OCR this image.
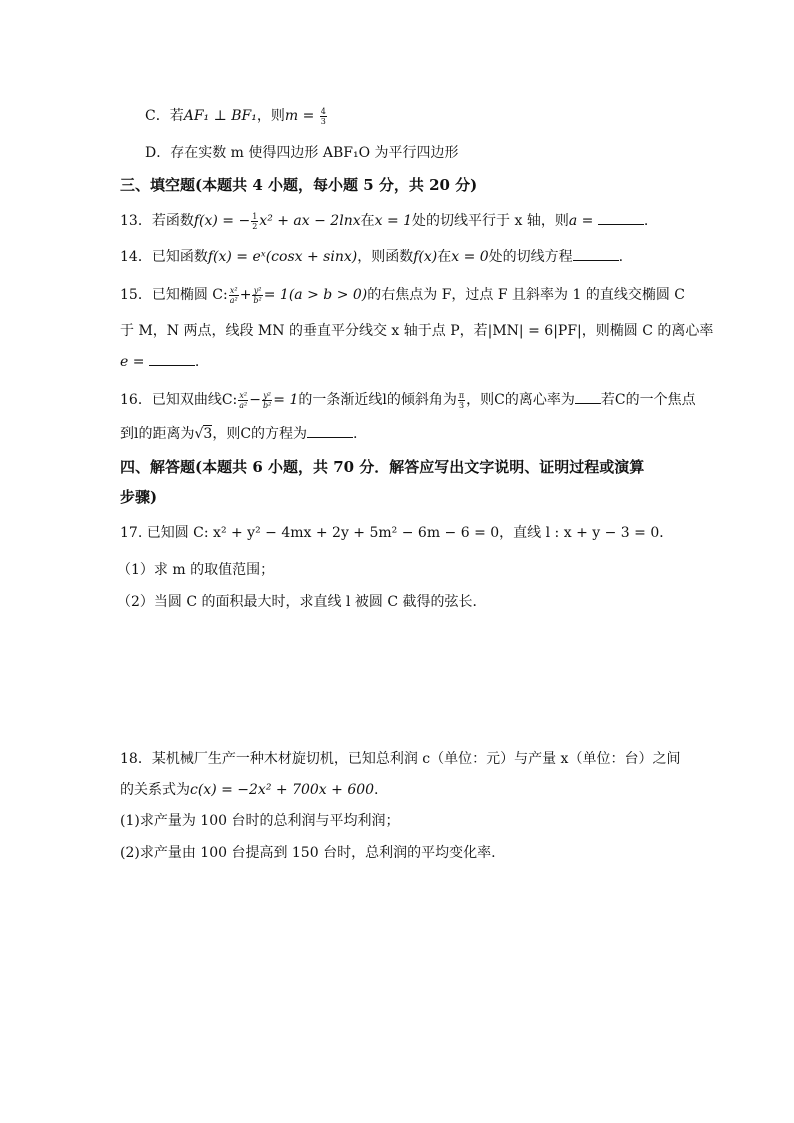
C．若AF₁ ⊥ BF₁，则$m = \frac{4}{3}$
D．存在实数 m 使得四边形 ABF₁O 为平行四边形
三、填空题(本题共 4 小题，每小题 5 分，共 20 分)
13．若函数f(x) = − $\frac{1}{2} x^2$ + ax − 2lnx在x = 1处的切线平行于 x 轴，则a =	.
14．已知函数f(x) = eˣ(cosx + sinx)，则函数f(x)在x = 0处的切线方程	.
15．已知椭圆 C: $\frac{\text{x²}}{\text{a²}} + \frac{\text{y²}}{\text{b²}} = 1(a > b > 0)$的右焦点为 F，过点 F 且斜率为 1 的直线交椭圆 C
于 M，N 两点，线段 MN 的垂直平分线交 x 轴于点 P，若|MN| = 6|PF|，则椭圆 C 的离心率
e =	.
16．已知双曲线C: $\frac{\text{x²}}{\text{a²}} - \frac{\text{y²}}{\text{b²}} = 1$的一条渐近线l的倾斜角为 $\frac{\pi}{3}$ ，则C的离心率为 若C的一个焦点
到l的距离为√3，则C的方程为	.
四、解答题(本题共 6 小题，共 70 分．解答应写出文字说明、证明过程或演算
步骤)
17. 已知圆 C: x² + y² − 4mx + 2y + 5m² − 6m − 6 = 0，直线 l : x + y − 3 = 0．
（1）求 m 的取值范围；
（2）当圆 C 的面积最大时，求直线 l 被圆 C 截得的弦长．
18．某机械厂生产一种木材旋切机，已知总利润 c（单位：元）与产量 x（单位：台）之间
的关系式为c(x) = −2x² + 700x + 600.
(1)求产量为 100 台时的总利润与平均利润；
(2)求产量由 100 台提高到 150 台时，总利润的平均变化率.
